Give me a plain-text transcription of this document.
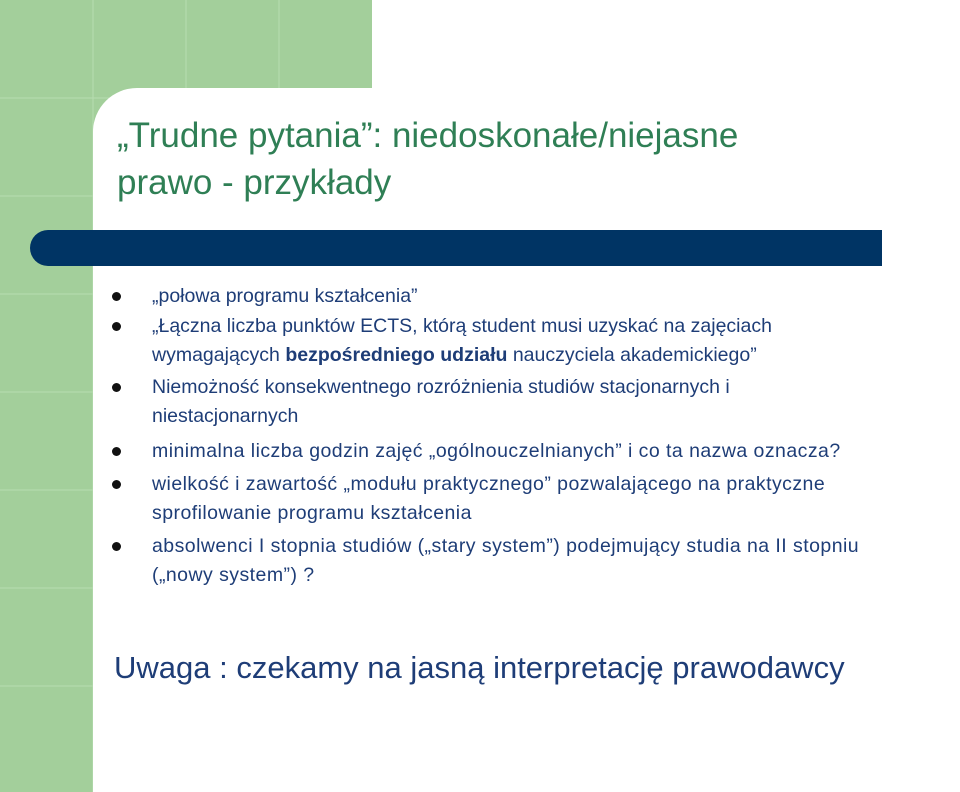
„Trudne pytania”: niedoskonałe/niejasne
prawo - przykłady
„połowa programu kształcenia”
„Łączna liczba punktów ECTS, którą student musi uzyskać na zajęciach
wymagających bezpośredniego udziału nauczyciela akademickiego”
Niemożność konsekwentnego rozróżnienia studiów stacjonarnych i
niestacjonarnych
minimalna liczba godzin zajęć „ogólnouczelnianych” i co ta nazwa oznacza?
wielkość i zawartość „modułu praktycznego” pozwalającego na praktyczne
sprofilowanie programu kształcenia
absolwenci I stopnia studiów („stary system”) podejmujący studia na II stopniu
(„nowy system”) ?
Uwaga : czekamy na jasną interpretację prawodawcy
